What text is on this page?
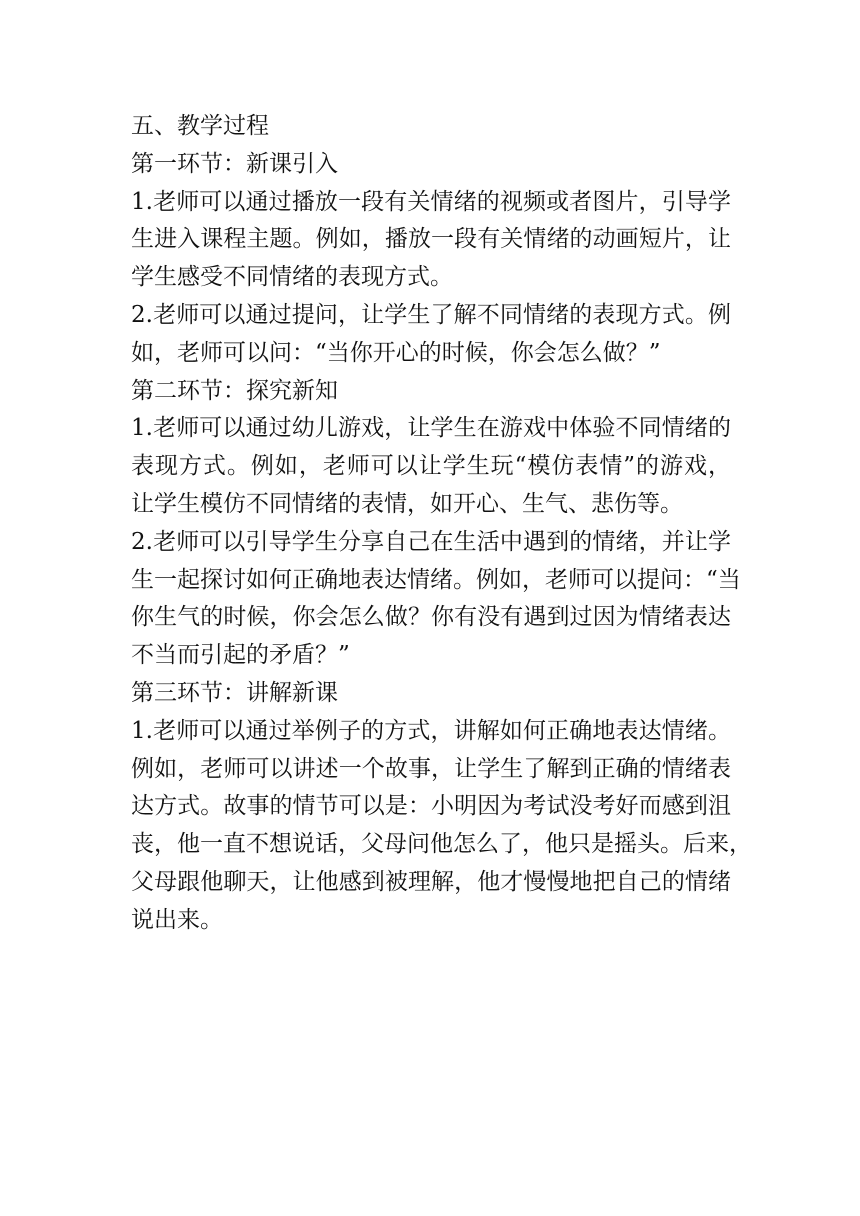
五、教学过程
第一环节：新课引入
1.老师可以通过播放一段有关情绪的视频或者图片，引导学
生进入课程主题。例如，播放一段有关情绪的动画短片，让
学生感受不同情绪的表现方式。
2.老师可以通过提问，让学生了解不同情绪的表现方式。例
如，老师可以问：“当你开心的时候，你会怎么做？”
第二环节：探究新知
1.老师可以通过幼儿游戏，让学生在游戏中体验不同情绪的
表现方式。例如，老师可以让学生玩“模仿表情”的游戏，
让学生模仿不同情绪的表情，如开心、生气、悲伤等。
2.老师可以引导学生分享自己在生活中遇到的情绪，并让学
生一起探讨如何正确地表达情绪。例如，老师可以提问：“当
你生气的时候，你会怎么做？你有没有遇到过因为情绪表达
不当而引起的矛盾？”
第三环节：讲解新课
1.老师可以通过举例子的方式，讲解如何正确地表达情绪。
例如，老师可以讲述一个故事，让学生了解到正确的情绪表
达方式。故事的情节可以是：小明因为考试没考好而感到沮
丧，他一直不想说话，父母问他怎么了，他只是摇头。后来，
父母跟他聊天，让他感到被理解，他才慢慢地把自己的情绪
说出来。
